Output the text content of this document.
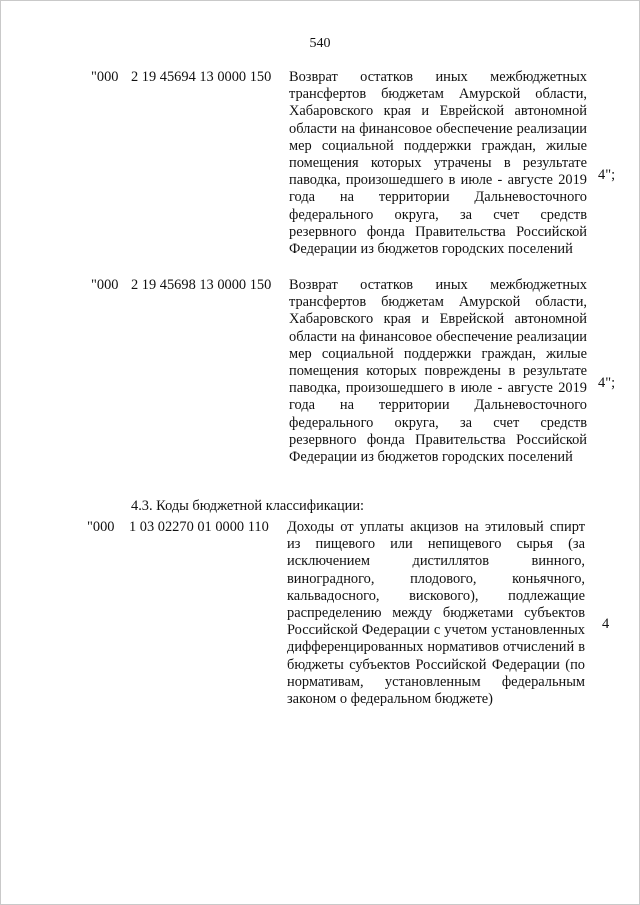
540
"000 2 19 45694 13 0000 150 Возврат остатков иных межбюджетных трансфертов бюджетам Амурской области, Хабаровского края и Еврейской автономной области на финансовое обеспечение реализации мер социальной поддержки граждан, жилые помещения которых утрачены в результате паводка, произошедшего в июле - августе 2019 года на территории Дальневосточного федерального округа, за счет средств резервного фонда Правительства Российской Федерации из бюджетов городских поселений
4";
"000 2 19 45698 13 0000 150 Возврат остатков иных межбюджетных трансфертов бюджетам Амурской области, Хабаровского края и Еврейской автономной области на финансовое обеспечение реализации мер социальной поддержки граждан, жилые помещения которых повреждены в результате паводка, произошедшего в июле - августе 2019 года на территории Дальневосточного федерального округа, за счет средств резервного фонда Правительства Российской Федерации из бюджетов городских поселений
4";
4.3. Коды бюджетной классификации:
"000 1 03 02270 01 0000 110 Доходы от уплаты акцизов на этиловый спирт из пищевого или непищевого сырья (за исключением дистиллятов винного, виноградного, плодового, коньячного, кальвадосного, вискового), подлежащие распределению между бюджетами субъектов Российской Федерации с учетом установленных дифференцированных нормативов отчислений в бюджеты субъектов Российской Федерации (по нормативам, установленным федеральным законом о федеральном бюджете)
4
